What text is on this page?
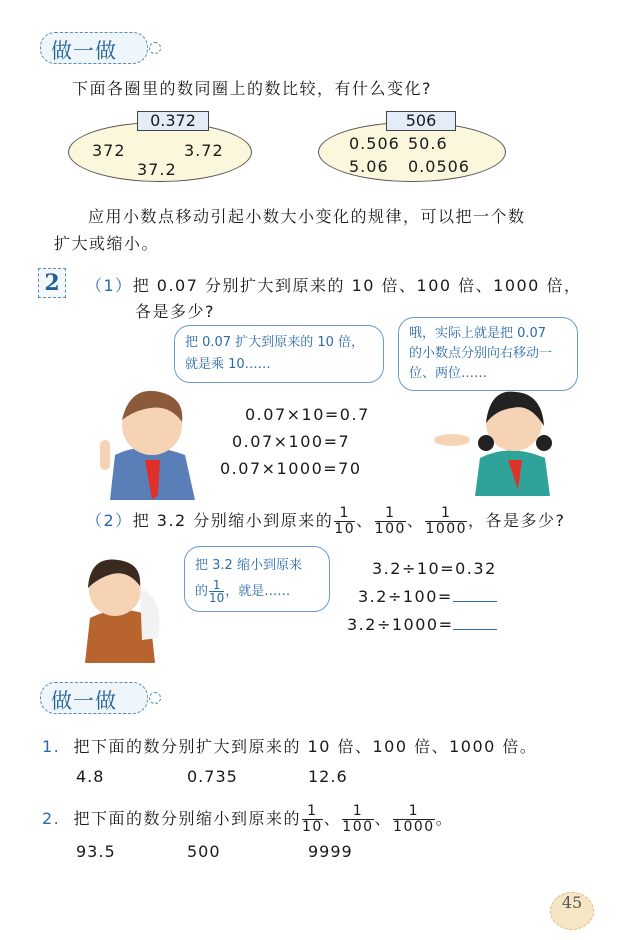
做一做
下面各圈里的数同圈上的数比较，有什么变化?
0.372
372	3.72
37.2
506
0.506 50.6
5.06 0.0506
应用小数点移动引起小数大小变化的规律，可以把一个数
扩大或缩小。
2	（1）把 0.07 分别扩大到原来的 10 倍、100 倍、1000 倍，
各是多少?
把 0.07 扩大到原来的 10 倍，
就是乘 10……
哦，实际上就是把 0.07
的小数点分别向右移动一
位、两位……
0.07×10=0.7
0.07×100=7
0.07×1000=70
（2）把 3.2 分别缩小到原来的 $\frac{1}{10}$ 、 $\frac{1}{100}$ 、 $\frac{1}{1000}$ ，各是多少?
把 3.2 缩小到原来
的 $\frac{1}{10}$ ，就是……
3.2÷10=0.32
3.2÷100=
3.2÷1000=
做一做
1. 把下面的数分别扩大到原来的 10 倍、100 倍、1000 倍。
4.8	0.735	12.6
2. 把下面的数分别缩小到原来的 $\frac{1}{10}$ 、 $\frac{1}{100}$ 、 $\frac{1}{1000}$ 。
93.5	500	9999
45
